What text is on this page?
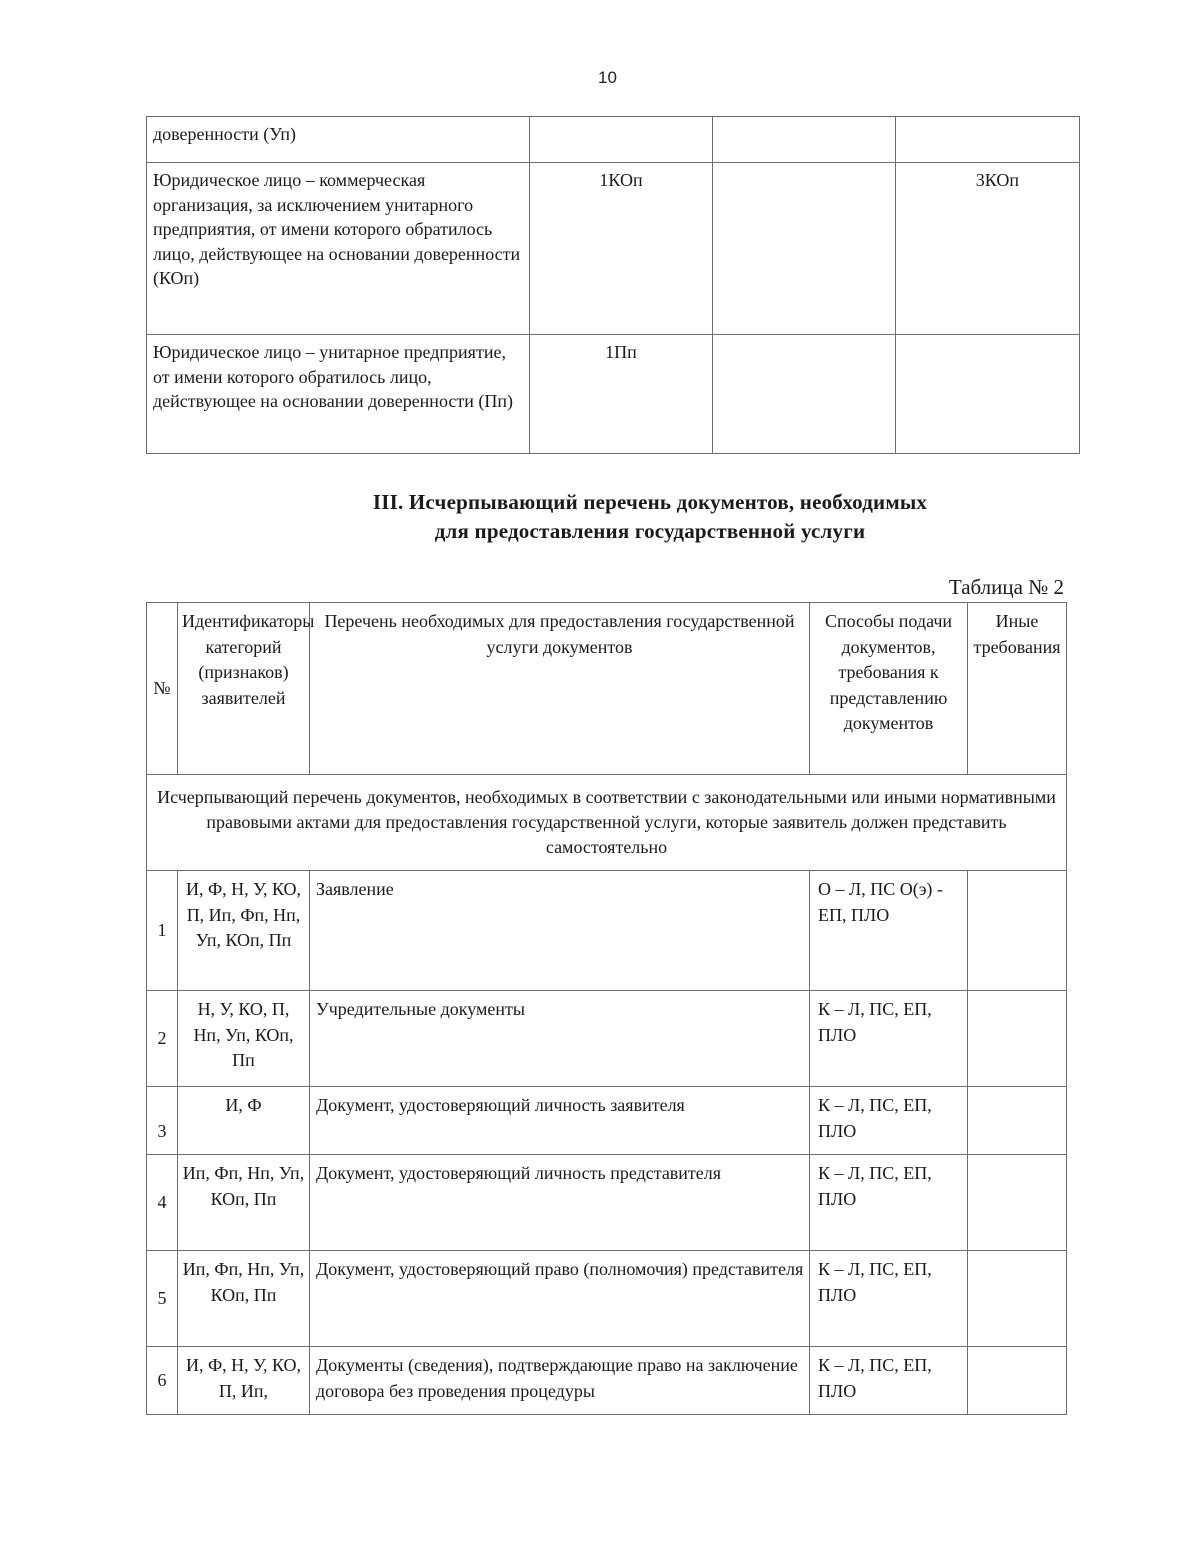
10
доверенности (Уп)			
Юридическое лицо – коммерческая организация, за исключением унитарного предприятия, от имени которого обратилось лицо, действующее на основании доверенности (КОп)	1КОп		3КОп
Юридическое лицо – унитарное предприятие, от имени которого обратилось лицо, действующее на основании доверенности (Пп)	1Пп		
III. Исчерпывающий перечень документов, необходимых
для предоставления государственной услуги
Таблица № 2
№	Идентификаторы категорий (признаков) заявителей	Перечень необходимых для предоставления государственной услуги документов	Способы подачи документов, требования к представлению документов	Иные требования
Исчерпывающий перечень документов, необходимых в соответствии с законодательными или иными нормативными правовыми актами для предоставления государственной услуги, которые заявитель должен представить самостоятельно				
1	И, Ф, Н, У, КО, П, Ип, Фп, Нп, Уп, КОп, Пп	Заявление	О – Л, ПС О(э) - ЕП, ПЛО	
2	Н, У, КО, П, Нп, Уп, КОп, Пп	Учредительные документы	К – Л, ПС, ЕП, ПЛО	
3	И, Ф	Документ, удостоверяющий личность заявителя	К – Л, ПС, ЕП, ПЛО	
4	Ип, Фп, Нп, Уп, КОп, Пп	Документ, удостоверяющий личность представителя	К – Л, ПС, ЕП, ПЛО	
5	Ип, Фп, Нп, Уп, КОп, Пп	Документ, удостоверяющий право (полномочия) представителя	К – Л, ПС, ЕП, ПЛО	
6	И, Ф, Н, У, КО, П, Ип,	Документы (сведения), подтверждающие право на заключение договора без проведения процедуры	К – Л, ПС, ЕП, ПЛО	
